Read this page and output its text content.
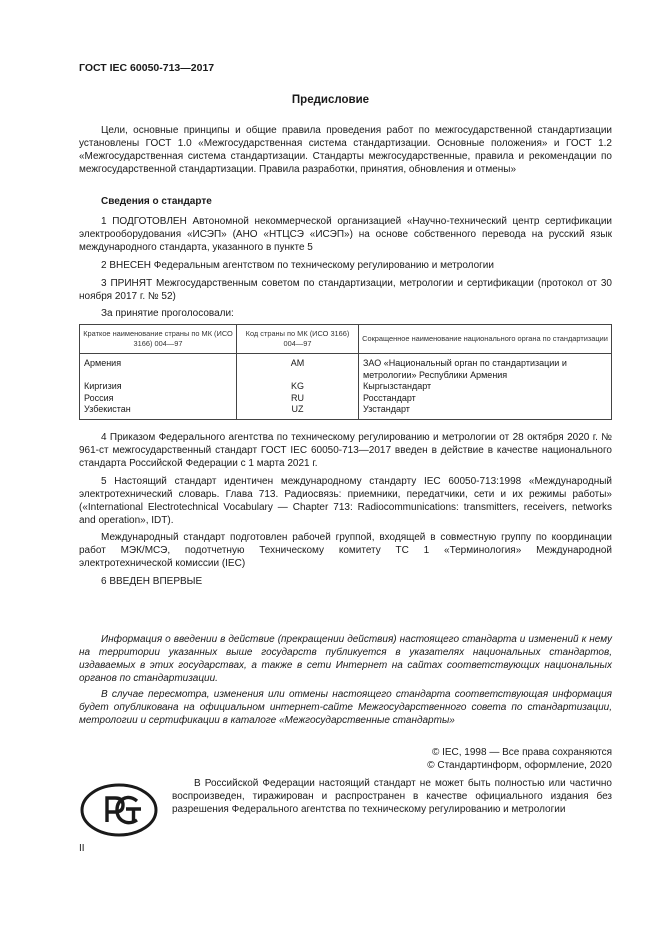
ГОСТ IEC 60050-713—2017
Предисловие

Цели, основные принципы и общие правила проведения работ по межгосударственной стандартизации установлены ГОСТ 1.0 «Межгосударственная система стандартизации. Основные положения» и ГОСТ 1.2 «Межгосударственная система стандартизации. Стандарты межгосударственные, правила и рекомендации по межгосударственной стандартизации. Правила разработки, принятия, обновления и отмены»

Сведения о стандарте

1 ПОДГОТОВЛЕН Автономной некоммерческой организацией «Научно-технический центр сертификации электрооборудования «ИСЭП» (АНО «НТЦСЭ «ИСЭП») на основе собственного перевода на русский язык международного стандарта, указанного в пункте 5

2 ВНЕСЕН Федеральным агентством по техническому регулированию и метрологии

3 ПРИНЯТ Межгосударственным советом по стандартизации, метрологии и сертификации (протокол от 30 ноября 2017 г. № 52)

За принятие проголосовали:

Краткое наименование страны по МК (ИСО 3166) 004—97	Код страны по МК (ИСО 3166) 004—97	Сокращенное наименование национального органа по стандартизации
Армения	AM	ЗАО «Национальный орган по стандартизации и метрологии» Республики Армения
Киргизия	KG	Кыргызстандарт
Россия	RU	Росстандарт
Узбекистан	UZ	Узстандарт

4 Приказом Федерального агентства по техническому регулированию и метрологии от 28 октября 2020 г. № 961-ст межгосударственный стандарт ГОСТ IEC 60050-713—2017 введен в действие в качестве национального стандарта Российской Федерации с 1 марта 2021 г.

5 Настоящий стандарт идентичен международному стандарту IEC 60050-713:1998 «Международный электротехнический словарь. Глава 713. Радиосвязь: приемники, передатчики, сети и их режимы работы» («International Electrotechnical Vocabulary — Chapter 713: Radiocommunications: transmitters, receivers, networks and operation», IDT).

Международный стандарт подготовлен рабочей группой, входящей в совместную группу по координации работ МЭК/МСЭ, подотчетную Техническому комитету ТС 1 «Терминология» Международной электротехнической комиссии (IEC)

6 ВВЕДЕН ВПЕРВЫЕ

Информация о введении в действие (прекращении действия) настоящего стандарта и изменений к нему на территории указанных выше государств публикуется в указателях национальных стандартов, издаваемых в этих государствах, а также в сети Интернет на сайтах соответствующих национальных органов по стандартизации.

В случае пересмотра, изменения или отмены настоящего стандарта соответствующая информация будет опубликована на официальном интернет-сайте Межгосударственного совета по стандартизации, метрологии и сертификации в каталоге «Межгосударственные стандарты»

© IEC, 1998 — Все права сохраняются
© Стандартинформ, оформление, 2020

В Российской Федерации настоящий стандарт не может быть полностью или частично воспроизведен, тиражирован и распространен в качестве официального издания без разрешения Федерального агентства по техническому регулированию и метрологии

II
